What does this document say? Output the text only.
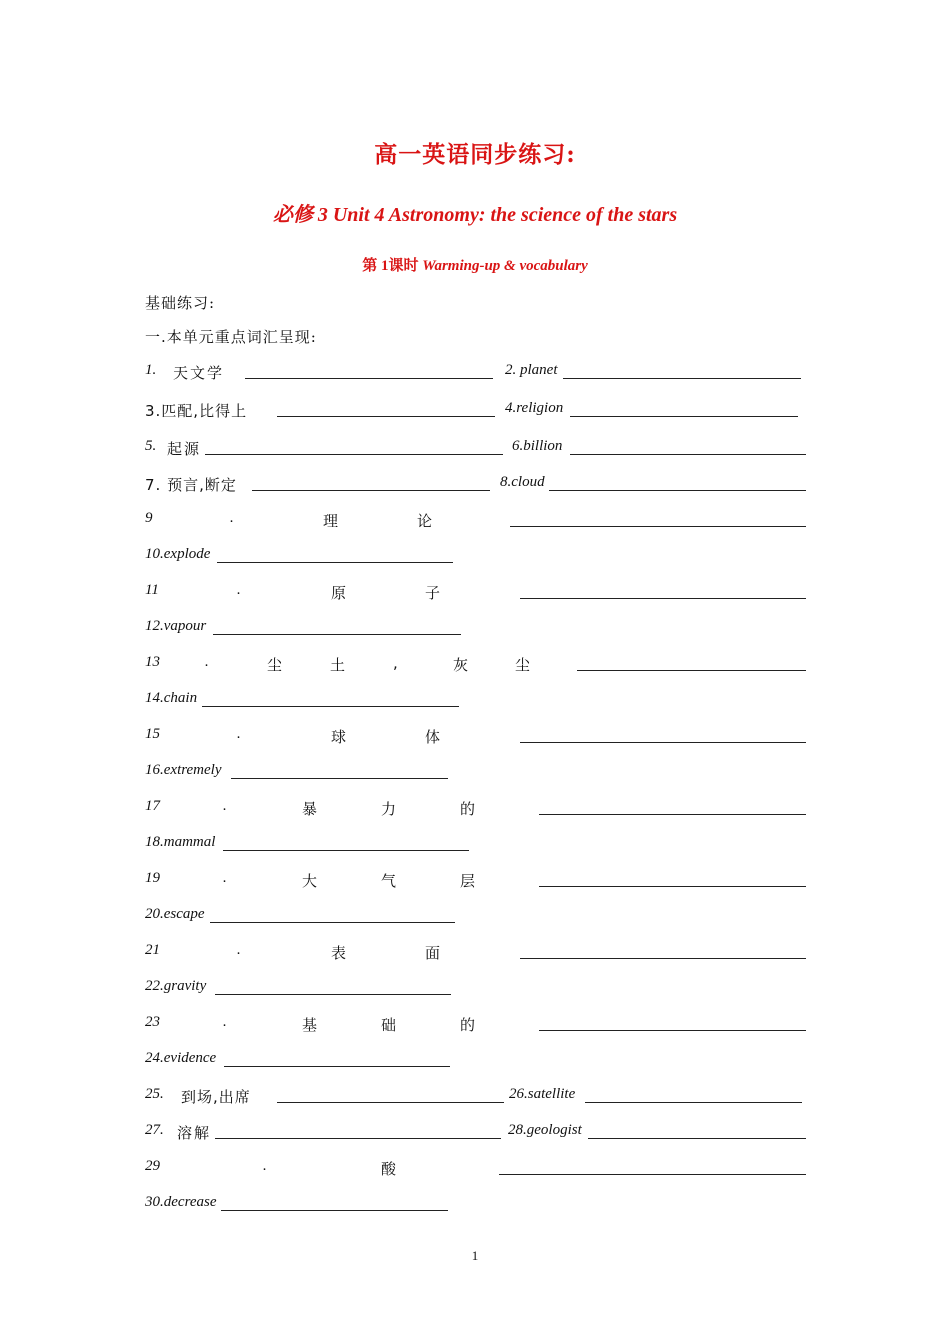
高一英语同步练习:
必修 3 Unit 4 Astronomy: the science of the stars
第 1课时 Warming-up & vocabulary
基础练习:
一.本单元重点词汇呈现:
1. 天文学	2. planet
3.匹配,比得上	4.religion
5. 起源	6.billion
7. 预言,断定	8.cloud
9	.	理	论
10.explode
11	.	原	子
12.vapour
13	.	尘	土	,	灰	尘
14.chain
15	.	球	体
16.extremely
17	.	暴	力	的
18.mammal
19	.	大	气	层
20.escape
21	.	表	面
22.gravity
23	.	基	础	的
24.evidence
25. 到场,出席	26.satellite
27. 溶解	28.geologist
29	.	酸
30.decrease
1
